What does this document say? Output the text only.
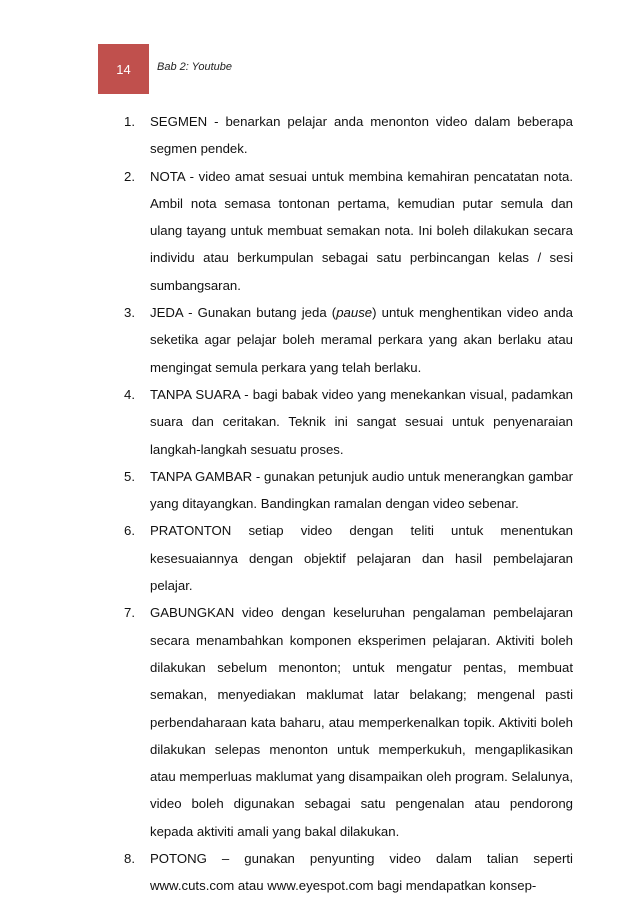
14 Bab 2: Youtube
1.	SEGMEN - benarkan pelajar anda menonton video dalam beberapa segmen pendek.
2.	NOTA - video amat sesuai untuk membina kemahiran pencatatan nota. Ambil nota semasa tontonan pertama, kemudian putar semula dan ulang tayang untuk membuat semakan nota. Ini boleh dilakukan secara individu atau berkumpulan sebagai satu perbincangan kelas / sesi sumbangsaran.
3.	JEDA - Gunakan butang jeda (pause) untuk menghentikan video anda seketika agar pelajar boleh meramal perkara yang akan berlaku atau mengingat semula perkara yang telah berlaku.
4.	TANPA SUARA - bagi babak video yang menekankan visual, padamkan suara dan ceritakan. Teknik ini sangat sesuai untuk penyenaraian langkah-langkah sesuatu proses.
5.	TANPA GAMBAR - gunakan petunjuk audio untuk menerangkan gambar yang ditayangkan. Bandingkan ramalan dengan video sebenar.
6.	PRATONTON setiap video dengan teliti untuk menentukan kesesuaiannya dengan objektif pelajaran dan hasil pembelajaran pelajar.
7.	GABUNGKAN video dengan keseluruhan pengalaman pembelajaran secara menambahkan komponen eksperimen pelajaran. Aktiviti boleh dilakukan sebelum menonton; untuk mengatur pentas, membuat semakan, menyediakan maklumat latar belakang; mengenal pasti perbendaharaan kata baharu, atau memperkenalkan topik. Aktiviti boleh dilakukan selepas menonton untuk memperkukuh, mengaplikasikan atau memperluas maklumat yang disampaikan oleh program. Selalunya, video boleh digunakan sebagai satu pengenalan atau pendorong kepada aktiviti amali yang bakal dilakukan.
8.	POTONG – gunakan penyunting video dalam talian seperti www.cuts.com atau www.eyespot.com bagi mendapatkan konsep-
